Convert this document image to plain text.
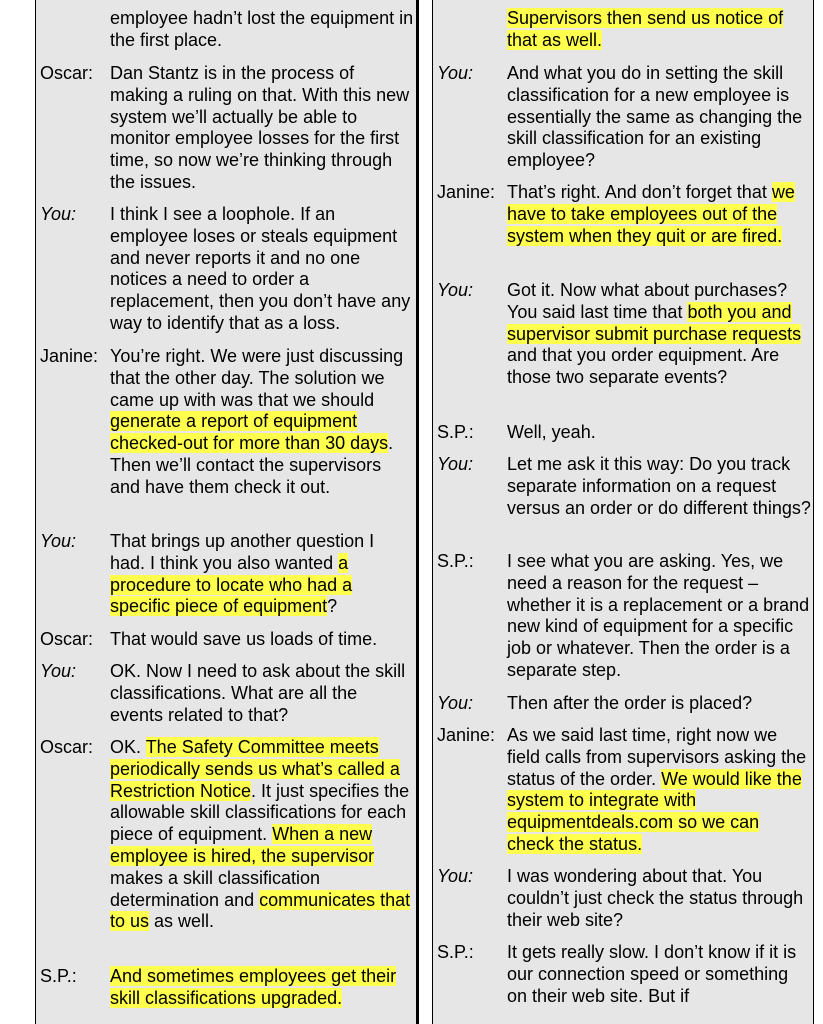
employee hadn’t lost the equipment in the first place.
Oscar: Dan Stantz is in the process of making a ruling on that. With this new system we’ll actually be able to monitor employee losses for the first time, so now we’re thinking through the issues.
You: I think I see a loophole. If an employee loses or steals equipment and never reports it and no one notices a need to order a replacement, then you don’t have any way to identify that as a loss.
Janine: You’re right. We were just discussing that the other day. The solution we came up with was that we should generate a report of equipment checked-out for more than 30 days. Then we’ll contact the supervisors and have them check it out.
You: That brings up another question I had. I think you also wanted a procedure to locate who had a specific piece of equipment?
Oscar: That would save us loads of time.
You: OK. Now I need to ask about the skill classifications. What are all the events related to that?
Oscar: OK. The Safety Committee meets periodically sends us what’s called a Restriction Notice. It just specifies the allowable skill classifications for each piece of equipment. When a new employee is hired, the supervisor makes a skill classification determination and communicates that to us as well.
S.P.: And sometimes employees get their skill classifications upgraded.
Supervisors then send us notice of that as well.
You: And what you do in setting the skill classification for a new employee is essentially the same as changing the skill classification for an existing employee?
Janine: That’s right. And don’t forget that we have to take employees out of the system when they quit or are fired.
You: Got it. Now what about purchases? You said last time that both you and supervisor submit purchase requests and that you order equipment. Are those two separate events?
S.P.: Well, yeah.
You: Let me ask it this way: Do you track separate information on a request versus an order or do different things?
S.P.: I see what you are asking. Yes, we need a reason for the request – whether it is a replacement or a brand new kind of equipment for a specific job or whatever. Then the order is a separate step.
You: Then after the order is placed?
Janine: As we said last time, right now we field calls from supervisors asking the status of the order. We would like the system to integrate with equipmentdeals.com so we can check the status.
You: I was wondering about that. You couldn’t just check the status through their web site?
S.P.: It gets really slow. I don’t know if it is our connection speed or something on their web site. But if
